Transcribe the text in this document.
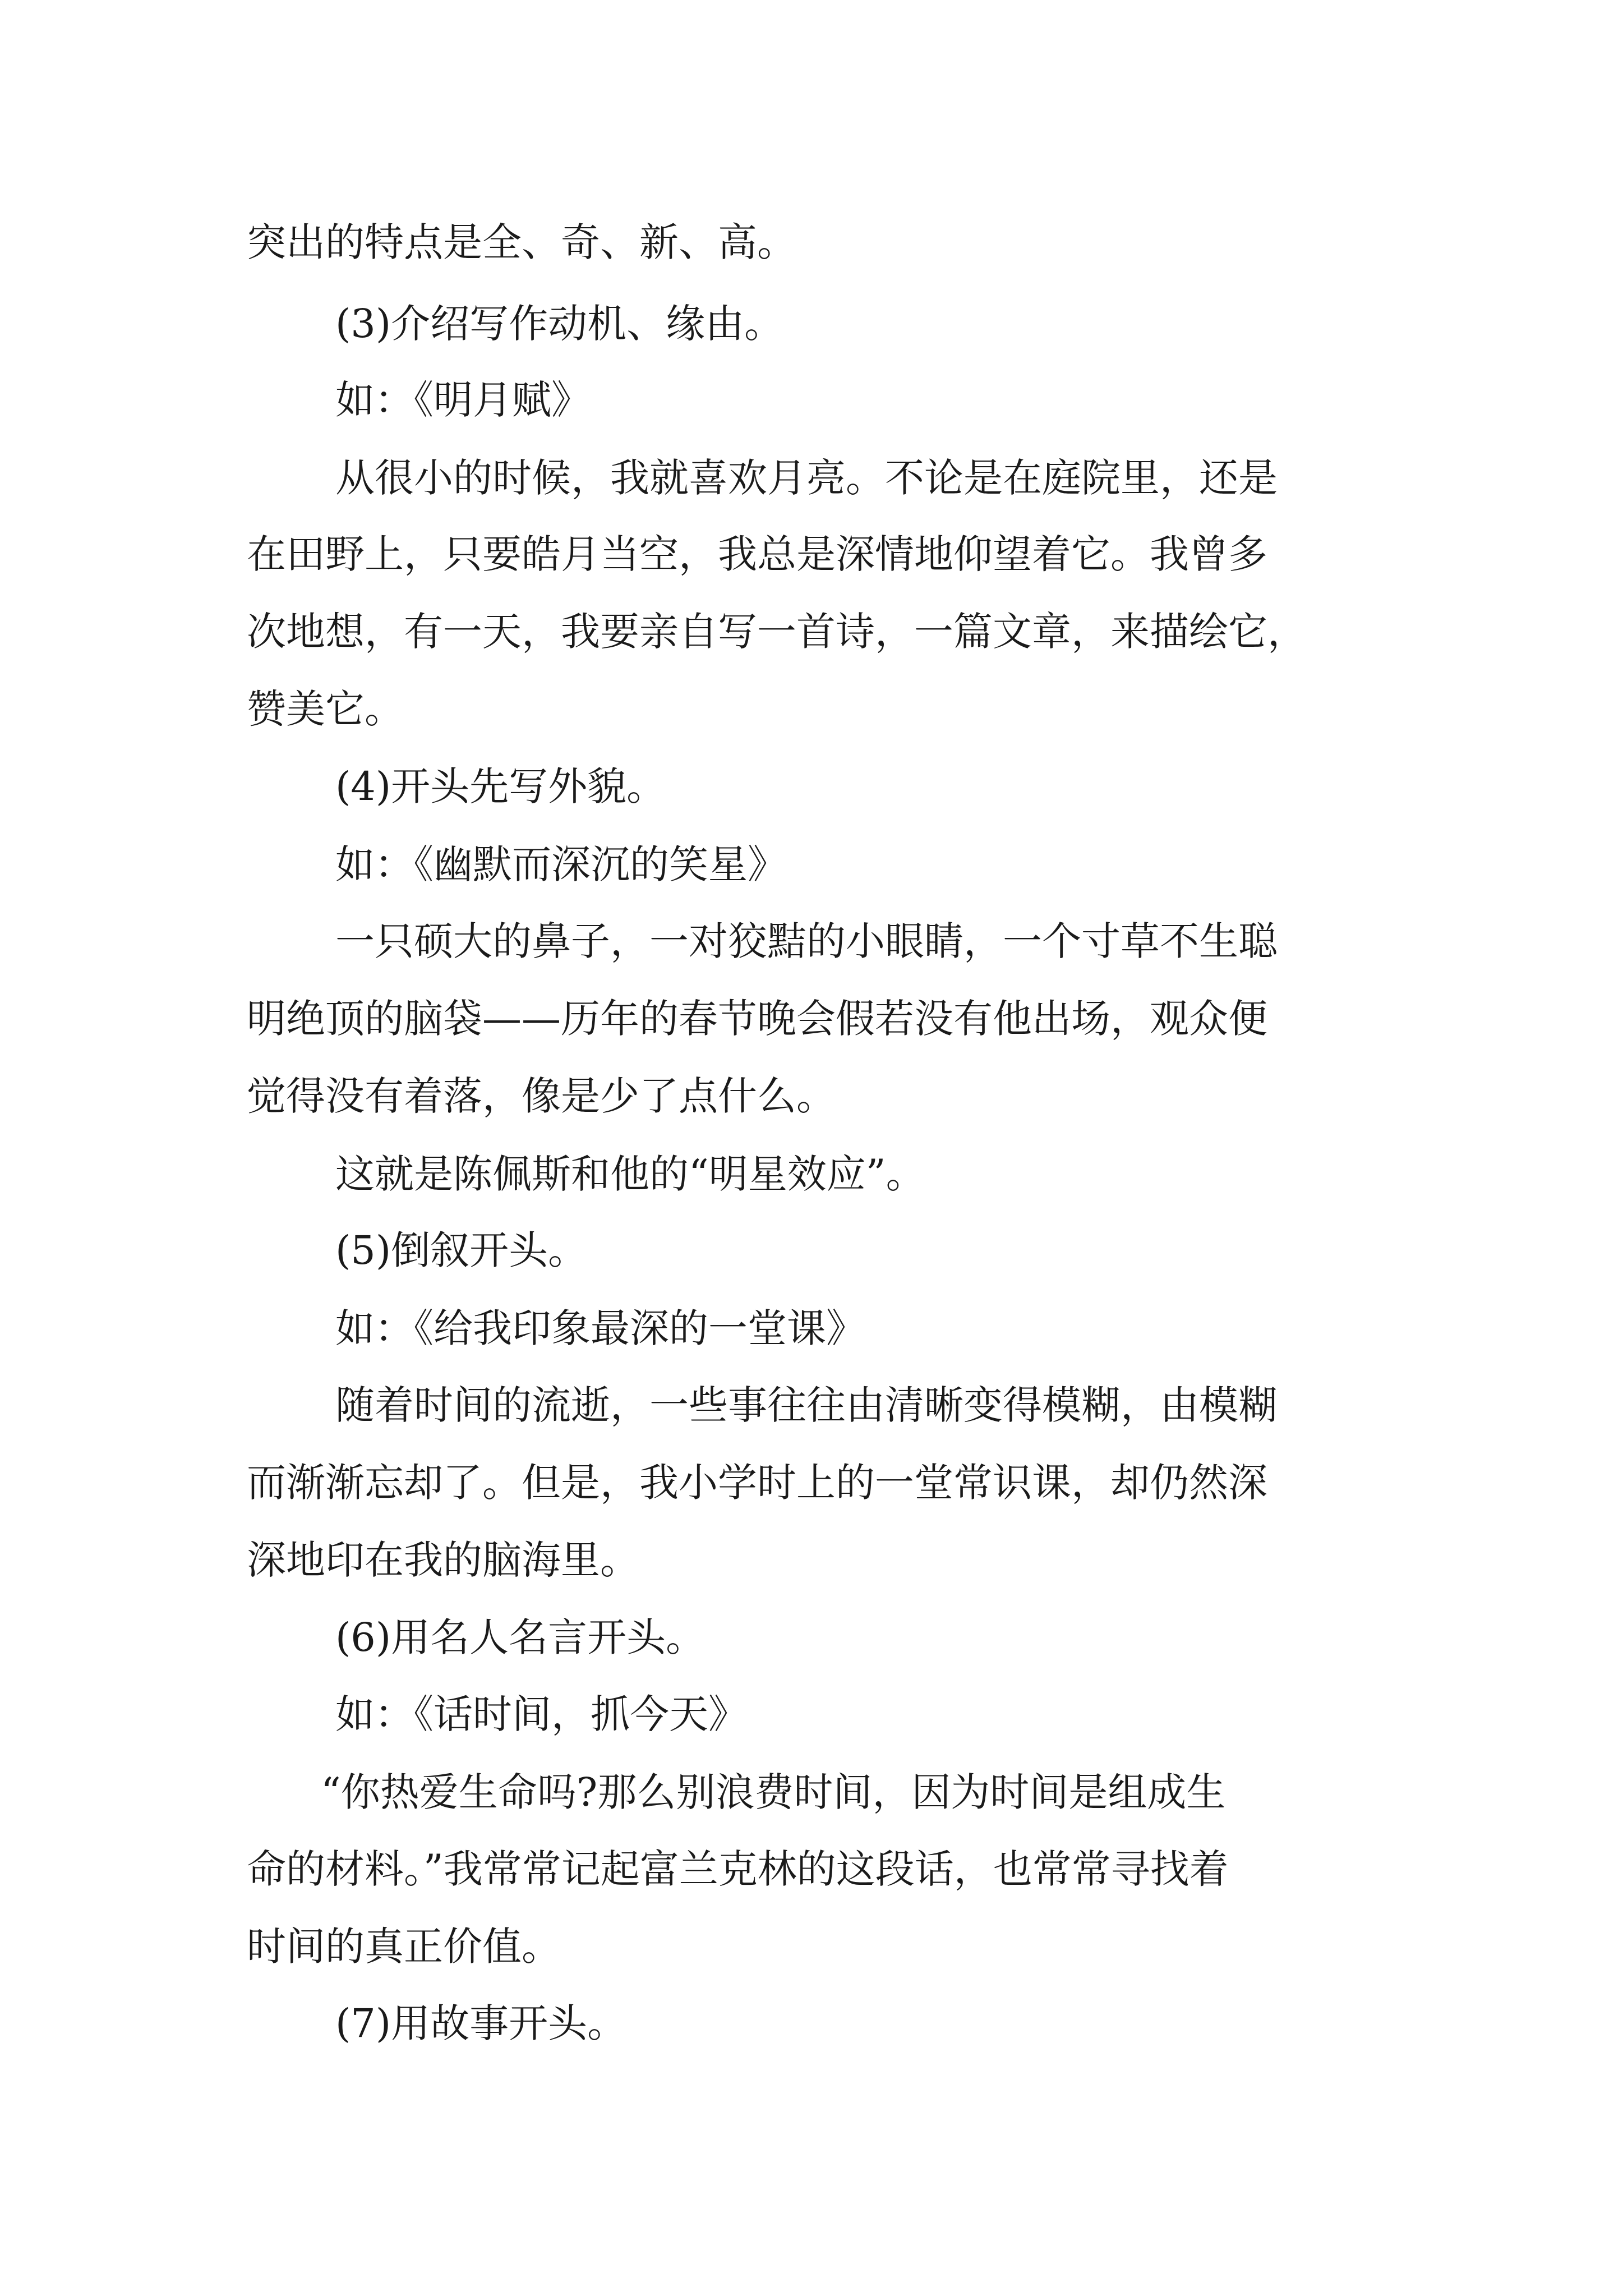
突出的特点是全、奇、新、高。
(3)介绍写作动机、缘由。
如：《明月赋》
从很小的时候，我就喜欢月亮。不论是在庭院里，还是
在田野上，只要皓月当空，我总是深情地仰望着它。我曾多
次地想，有一天，我要亲自写一首诗，一篇文章，来描绘它，
赞美它。
(4)开头先写外貌。
如：《幽默而深沉的笑星》
一只硕大的鼻子，一对狡黠的小眼睛，一个寸草不生聪
明绝顶的脑袋——历年的春节晚会假若没有他出场，观众便
觉得没有着落，像是少了点什么。
这就是陈佩斯和他的“明星效应”。
(5)倒叙开头。
如：《给我印象最深的一堂课》
随着时间的流逝，一些事往往由清晰变得模糊，由模糊
而渐渐忘却了。但是，我小学时上的一堂常识课，却仍然深
深地印在我的脑海里。
(6)用名人名言开头。
如：《话时间，抓今天》
“你热爱生命吗?那么别浪费时间，因为时间是组成生
命的材料。”我常常记起富兰克林的这段话，也常常寻找着
时间的真正价值。
(7)用故事开头。
